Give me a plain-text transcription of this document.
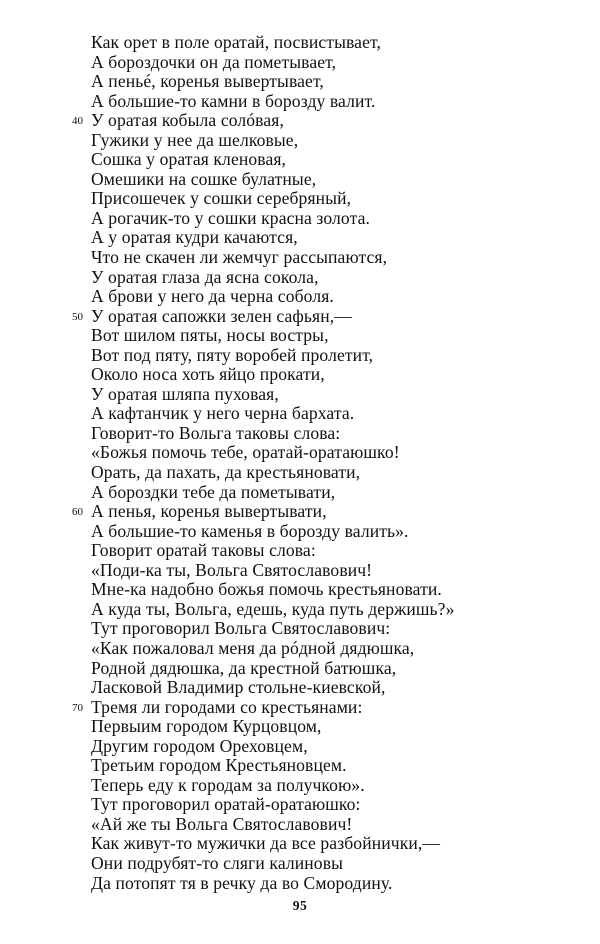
Как орет в поле оратай, посвистывает,
А бороздочки он да пометывает,
А пеньé, коренья вывертывает,
А большие-то камни в борозду валит.
40 У оратая кобыла солóвая,
Гужики у нее да шелковые,
Сошка у оратая кленовая,
Омешики на сошке булатные,
Присошечек у сошки серебряный,
А рогачик-то у сошки красна золота.
А у оратая кудри качаются,
Что не скачен ли жемчуг рассыпаются,
У оратая глаза да ясна сокола,
А брови у него да черна соболя.
50 У оратая сапожки зелен сафьян,—
Вот шилом пяты, носы востры,
Вот под пяту, пяту воробей пролетит,
Около носа хоть яйцо прокати,
У оратая шляпа пуховая,
А кафтанчик у него черна бархата.
Говорит-то Вольга таковы слова:
«Божья помочь тебе, оратай-оратаюшко!
Орать, да пахать, да крестьяновати,
А бороздки тебе да пометывати,
60 А пенья, коренья вывертывати,
А большие-то каменья в борозду валить».
Говорит оратай таковы слова:
«Поди-ка ты, Вольга Святославович!
Мне-ка надобно божья помочь крестьяновати.
А куда ты, Вольга, едешь, куда путь держишь?»
Тут проговорил Вольга Святославович:
«Как пожаловал меня да рóдной дядюшка,
Родной дядюшка, да крестной батюшка,
Ласковой Владимир стольне-киевской,
70 Тремя ли городами со крестьянами:
Первыим городом Курцовцом,
Другим городом Ореховцем,
Третьим городом Крестьяновцем.
Теперь еду к городам за получкою».
Тут проговорил оратай-оратаюшко:
«Ай же ты Вольга Святославович!
Как живут-то мужички да все разбойнички,—
Они подрубят-то сляги калиновы
Да потопят тя в речку да во Смородину.
95
